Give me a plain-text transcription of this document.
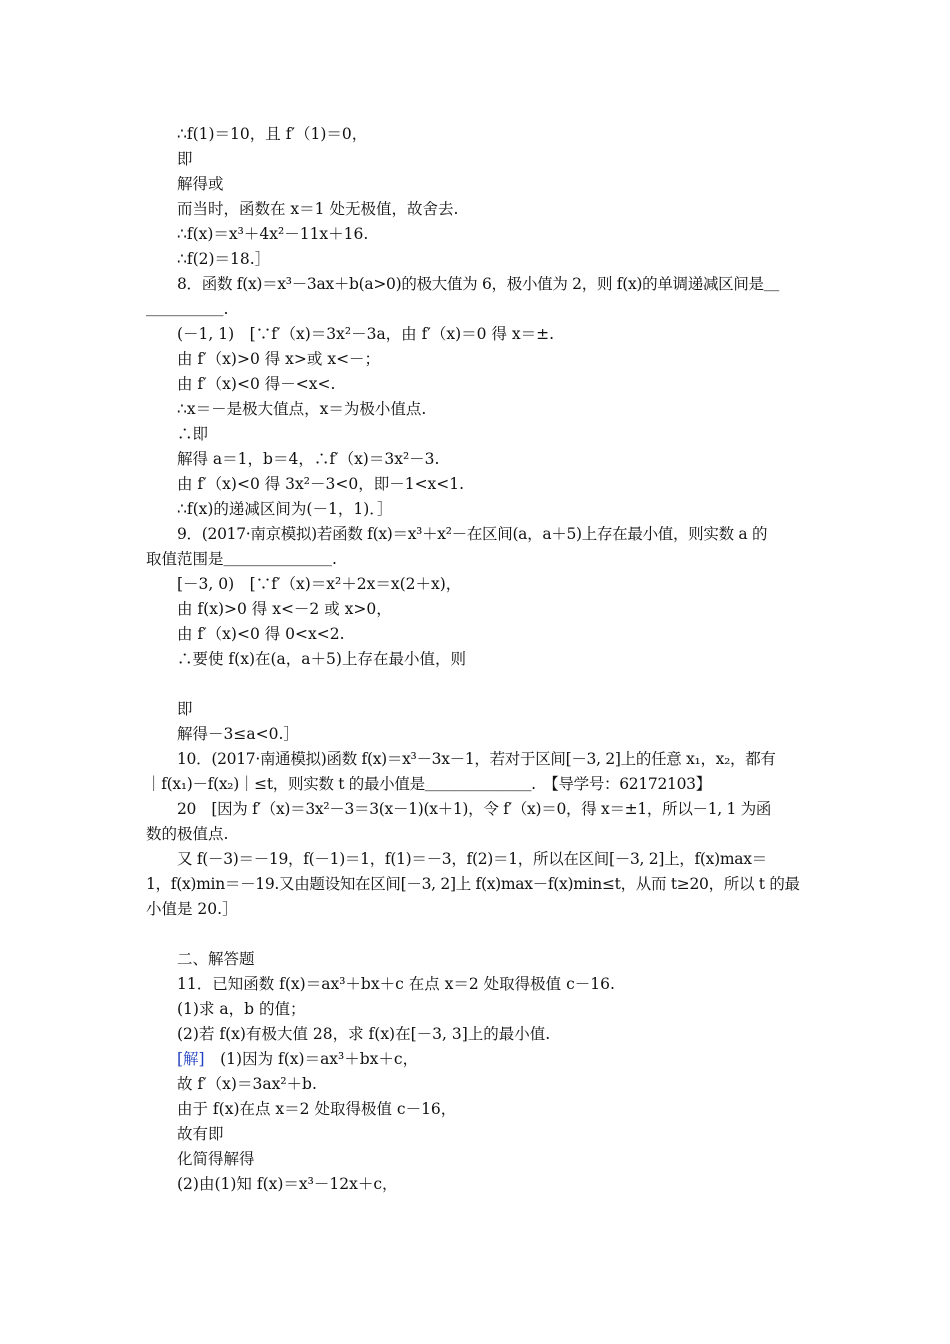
∴f(1)＝10，且 f′（1)＝0，
即
解得或
而当时，函数在 x＝1 处无极值，故舍去.
∴f(x)＝x³＋4x²－11x＋16.
∴f(2)＝18.］
8．函数 f(x)＝x³－3ax＋b(a>0)的极大值为 6，极小值为 2，则 f(x)的单调递减区间是＿
＿＿＿＿＿.
(－1, 1)　[∵f′（x)＝3x²－3a，由 f′（x)＝0 得 x＝±.
由 f′（x)>0 得 x>或 x<－；
由 f′（x)<0 得－<x<.
∴x＝－是极大值点，x＝为极小值点.
∴即
解得 a＝1，b＝4，∴f′（x)＝3x²－3.
由 f′（x)<0 得 3x²－3<0，即－1<x<1.
∴f(x)的递减区间为(－1，1)．］
9．(2017·南京模拟)若函数 f(x)＝x³＋x²－在区间(a，a＋5)上存在最小值，则实数 a 的
取值范围是＿＿＿＿＿＿＿.
[－3, 0)　[∵f′（x)＝x²＋2x＝x(2＋x)，
由 f(x)>0 得 x<－2 或 x>0，
由 f′（x)<0 得 0<x<2.
∴要使 f(x)在(a，a＋5)上存在最小值，则
即
解得－3≤a<0.］
10．(2017·南通模拟)函数 f(x)＝x³－3x－1，若对于区间[－3, 2]上的任意 x₁，x₂，都有
｜f(x₁)－f(x₂)｜≤t，则实数 t 的最小值是＿＿＿＿＿＿＿.　【导学号：62172103】
20　[因为 f′（x)＝3x²－3＝3(x－1)(x＋1)，令 f′（x)＝0，得 x＝±1，所以－1, 1 为函
数的极值点.
又 f(－3)＝－19，f(－1)＝1，f(1)＝－3，f(2)＝1，所以在区间[－3, 2]上，f(x)max＝
1，f(x)min＝－19.又由题设知在区间[－3, 2]上 f(x)max－f(x)min≤t，从而 t≥20，所以 t 的最
小值是 20.］
二、解答题
11．已知函数 f(x)＝ax³＋bx＋c 在点 x＝2 处取得极值 c－16.
(1)求 a，b 的值；
(2)若 f(x)有极大值 28，求 f(x)在[－3, 3]上的最小值.
[解]　(1)因为 f(x)＝ax³＋bx＋c，
故 f′（x)＝3ax²＋b.
由于 f(x)在点 x＝2 处取得极值 c－16，
故有即
化简得解得
(2)由(1)知 f(x)＝x³－12x＋c，
